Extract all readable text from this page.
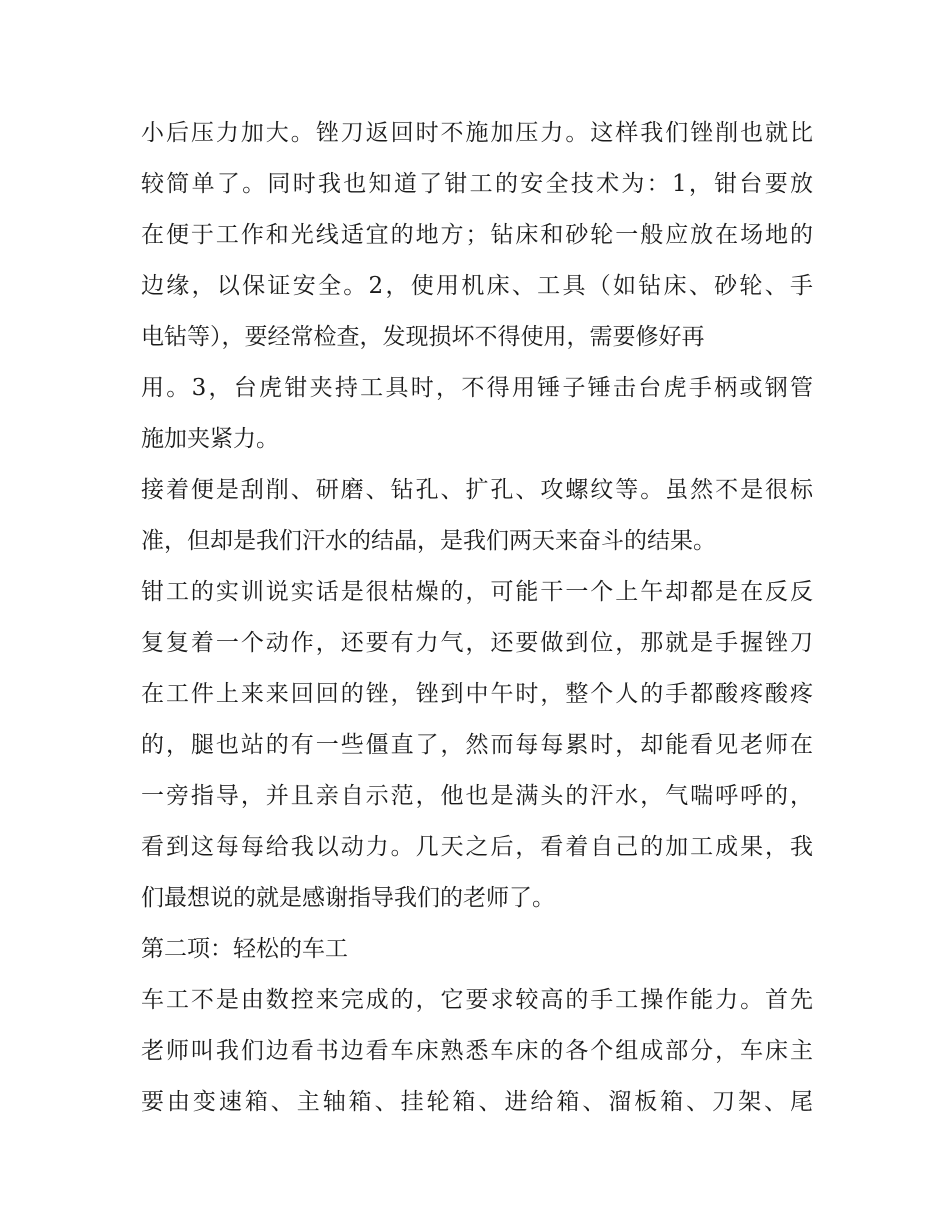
小后压力加大。锉刀返回时不施加压力。这样我们锉削也就比
较简单了。同时我也知道了钳工的安全技术为：1，钳台要放
在便于工作和光线适宜的地方；钻床和砂轮一般应放在场地的
边缘，以保证安全。2，使用机床、工具（如钻床、砂轮、手
电钻等），要经常检查，发现损坏不得使用，需要修好再
用。3，台虎钳夹持工具时，不得用锤子锤击台虎手柄或钢管
施加夹紧力。
接着便是刮削、研磨、钻孔、扩孔、攻螺纹等。虽然不是很标
准，但却是我们汗水的结晶，是我们两天来奋斗的结果。
钳工的实训说实话是很枯燥的，可能干一个上午却都是在反反
复复着一个动作，还要有力气，还要做到位，那就是手握锉刀
在工件上来来回回的锉，锉到中午时，整个人的手都酸疼酸疼
的，腿也站的有一些僵直了，然而每每累时，却能看见老师在
一旁指导，并且亲自示范，他也是满头的汗水，气喘呼呼的，
看到这每每给我以动力。几天之后，看着自己的加工成果，我
们最想说的就是感谢指导我们的老师了。
第二项：轻松的车工
车工不是由数控来完成的，它要求较高的手工操作能力。首先
老师叫我们边看书边看车床熟悉车床的各个组成部分，车床主
要由变速箱、主轴箱、挂轮箱、进给箱、溜板箱、刀架、尾
